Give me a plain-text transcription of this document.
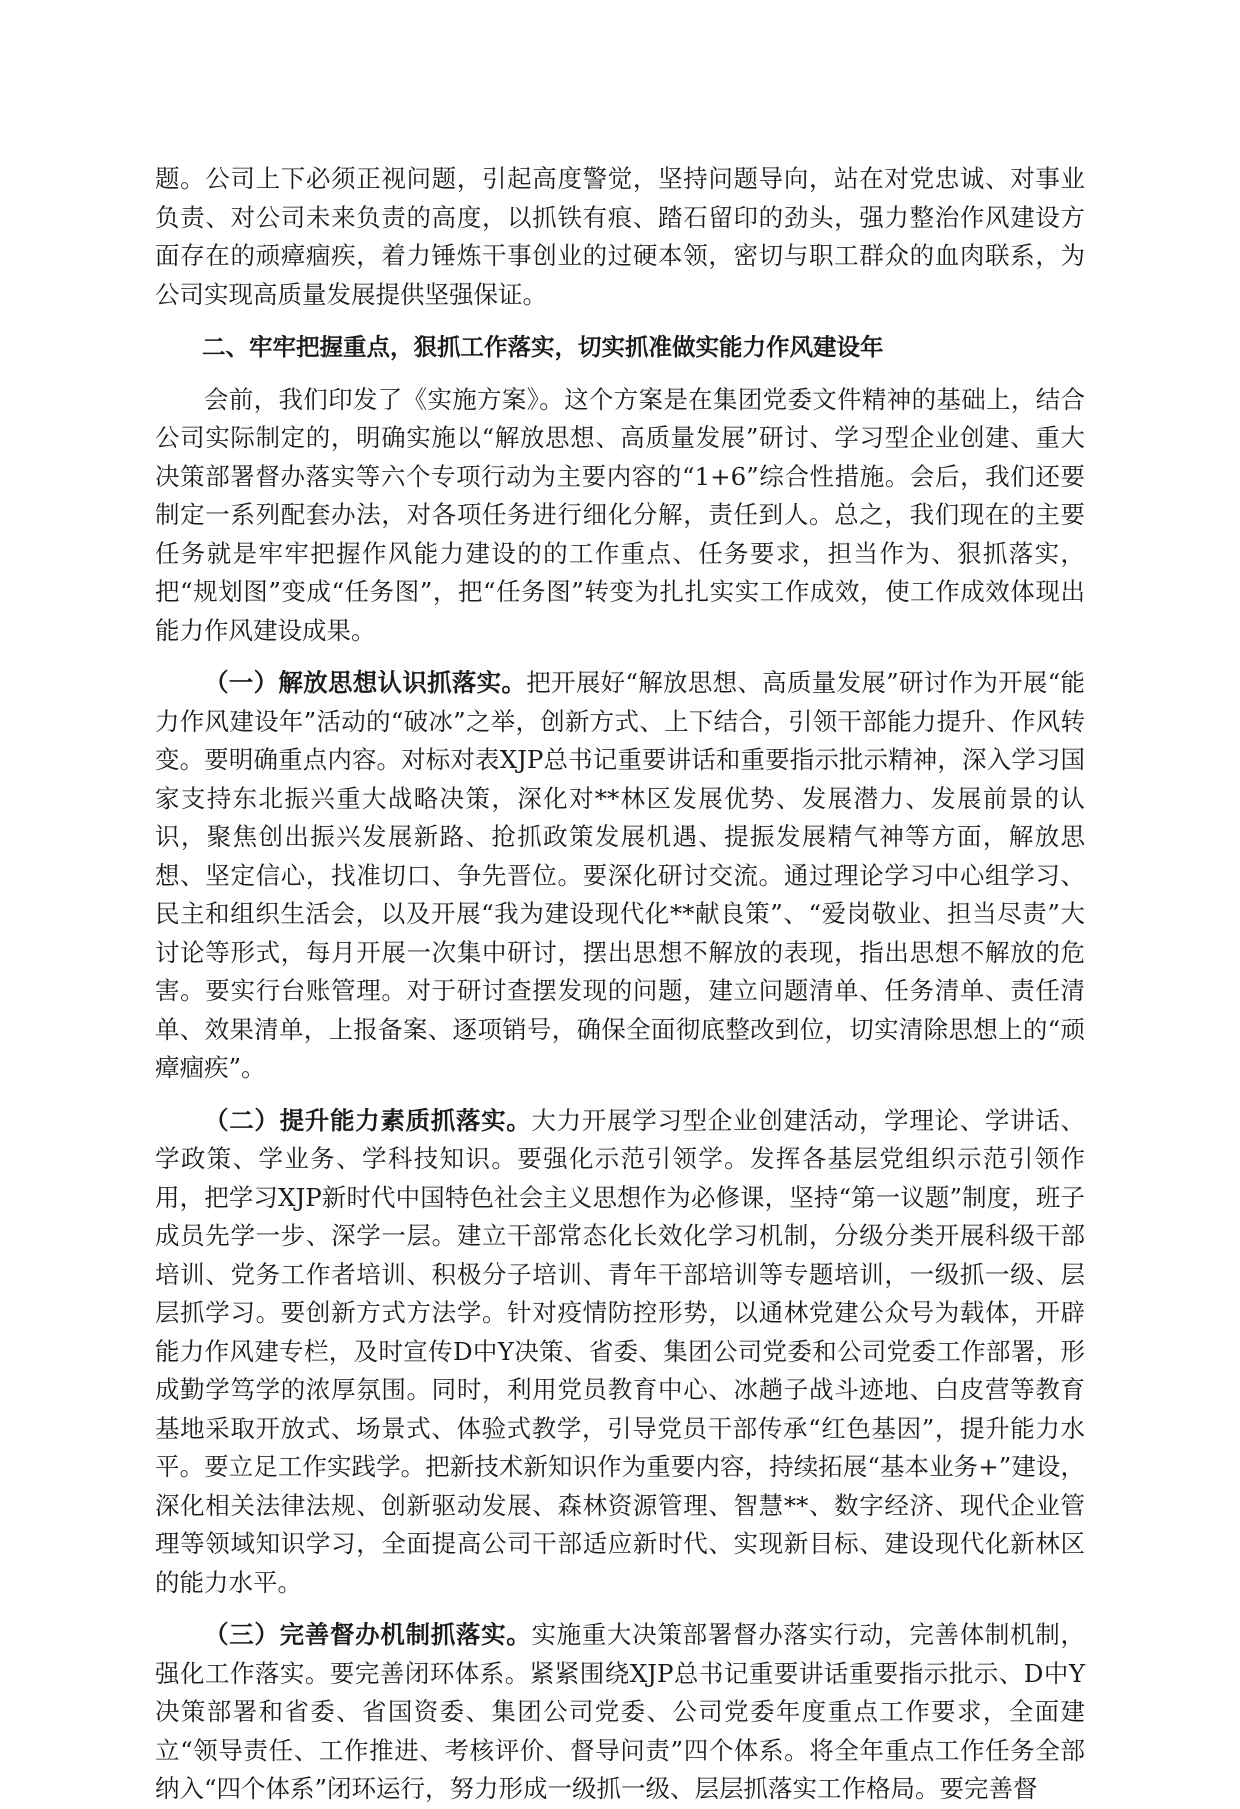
题。公司上下必须正视问题，引起高度警觉，坚持问题导向，站在对党忠诚、对事业负责、对公司未来负责的高度，以抓铁有痕、踏石留印的劲头，强力整治作风建设方面存在的顽瘴痼疾，着力锤炼干事创业的过硬本领，密切与职工群众的血肉联系，为公司实现高质量发展提供坚强保证。

二、牢牢把握重点，狠抓工作落实，切实抓准做实能力作风建设年

会前，我们印发了《实施方案》。这个方案是在集团党委文件精神的基础上，结合公司实际制定的，明确实施以“解放思想、高质量发展”研讨、学习型企业创建、重大决策部署督办落实等六个专项行动为主要内容的“1+6”综合性措施。会后，我们还要制定一系列配套办法，对各项任务进行细化分解，责任到人。总之，我们现在的主要任务就是牢牢把握作风能力建设的的工作重点、任务要求，担当作为、狠抓落实，把“规划图”变成“任务图”，把“任务图”转变为扎扎实实工作成效，使工作成效体现出能力作风建设成果。

（一）解放思想认识抓落实。把开展好“解放思想、高质量发展”研讨作为开展“能力作风建设年”活动的“破冰”之举，创新方式、上下结合，引领干部能力提升、作风转变。要明确重点内容。对标对表XJP总书记重要讲话和重要指示批示精神，深入学习国家支持东北振兴重大战略决策，深化对**林区发展优势、发展潜力、发展前景的认识，聚焦创出振兴发展新路、抢抓政策发展机遇、提振发展精气神等方面，解放思想、坚定信心，找准切口、争先晋位。要深化研讨交流。通过理论学习中心组学习、民主和组织生活会，以及开展“我为建设现代化**献良策”、“爱岗敬业、担当尽责”大讨论等形式，每月开展一次集中研讨，摆出思想不解放的表现，指出思想不解放的危害。要实行台账管理。对于研讨查摆发现的问题，建立问题清单、任务清单、责任清单、效果清单，上报备案、逐项销号，确保全面彻底整改到位，切实清除思想上的“顽瘴痼疾”。

（二）提升能力素质抓落实。大力开展学习型企业创建活动，学理论、学讲话、学政策、学业务、学科技知识。要强化示范引领学。发挥各基层党组织示范引领作用，把学习XJP新时代中国特色社会主义思想作为必修课，坚持“第一议题”制度，班子成员先学一步、深学一层。建立干部常态化长效化学习机制，分级分类开展科级干部培训、党务工作者培训、积极分子培训、青年干部培训等专题培训，一级抓一级、层层抓学习。要创新方式方法学。针对疫情防控形势，以通林党建公众号为载体，开辟能力作风建专栏，及时宣传D中Y决策、省委、集团公司党委和公司党委工作部署，形成勤学笃学的浓厚氛围。同时，利用党员教育中心、冰趟子战斗迹地、白皮营等教育基地采取开放式、场景式、体验式教学，引导党员干部传承“红色基因”，提升能力水平。要立足工作实践学。把新技术新知识作为重要内容，持续拓展“基本业务+”建设，深化相关法律法规、创新驱动发展、森林资源管理、智慧**、数字经济、现代企业管理等领域知识学习，全面提高公司干部适应新时代、实现新目标、建设现代化新林区的能力水平。

（三）完善督办机制抓落实。实施重大决策部署督办落实行动，完善体制机制，强化工作落实。要完善闭环体系。紧紧围绕XJP总书记重要讲话重要指示批示、D中Y决策部署和省委、省国资委、集团公司党委、公司党委年度重点工作要求，全面建立“领导责任、工作推进、考核评价、督导问责”四个体系。将全年重点工作任务全部纳入“四个体系”闭环运行，努力形成一级抓一级、层层抓落实工作格局。要完善督
